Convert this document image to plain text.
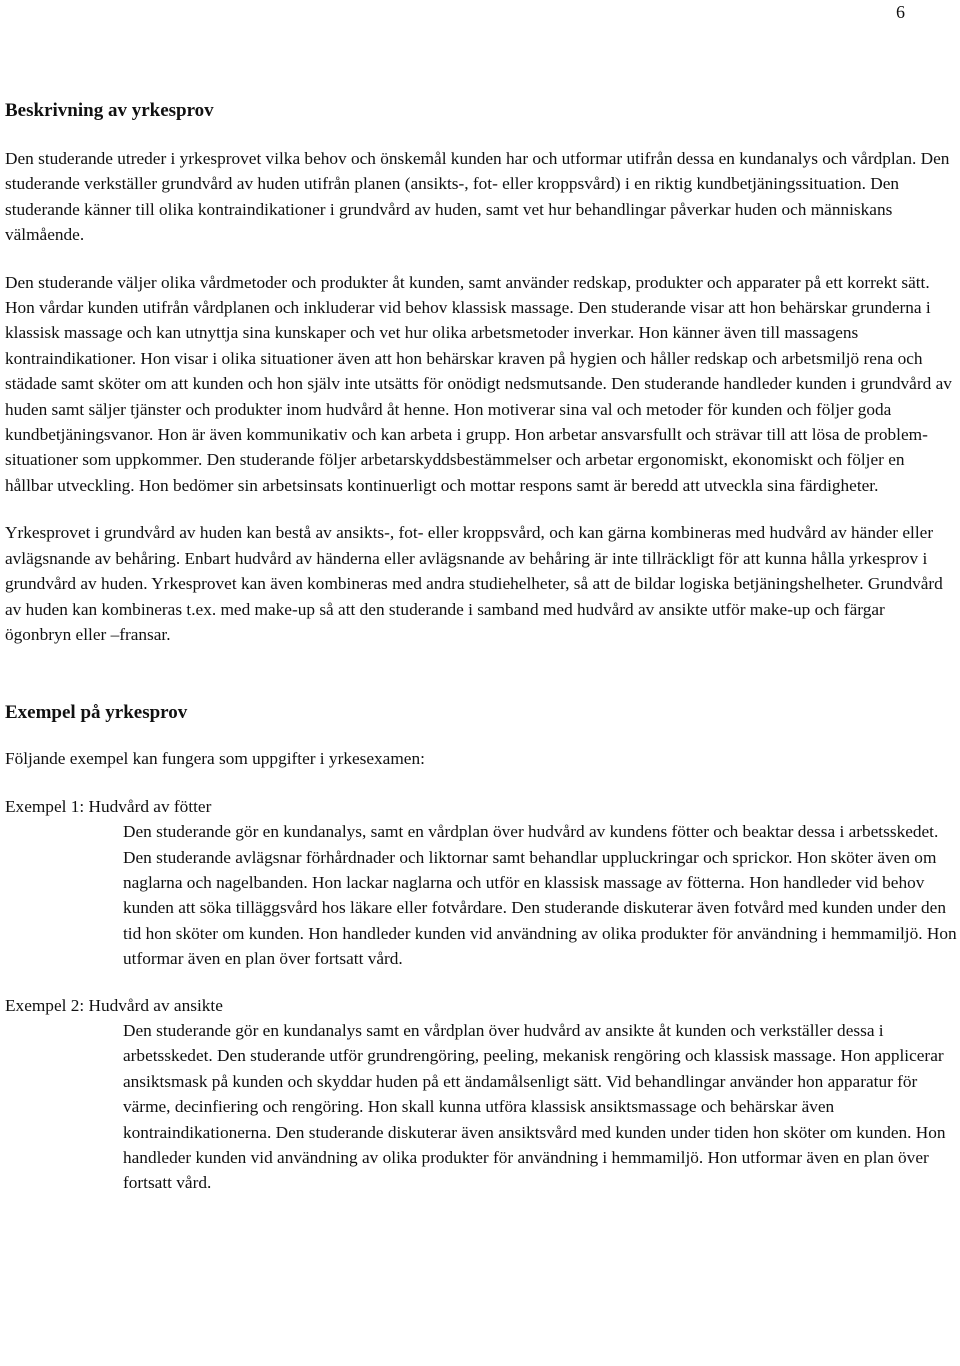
6
Beskrivning av yrkesprov

Den studerande utreder i yrkesprovet vilka behov och önskemål kunden har och utformar utifrån dessa en kundanalys och vårdplan. Den studerande verkställer grundvård av huden utifrån planen (ansikts-, fot- eller kroppsvård) i en riktig kundbetjäningssituation. Den studerande känner till olika kontraindikationer i grundvård av huden, samt vet hur behandlingar påverkar huden och människans välmående.

Den studerande väljer olika vårdmetoder och produkter åt kunden, samt använder redskap, produkter och apparater på ett korrekt sätt. Hon vårdar kunden utifrån vårdplanen och inkluderar vid behov klassisk massage. Den studerande visar att hon behärskar grunderna i klassisk massage och kan utnyttja sina kunskaper och vet hur olika arbetsmetoder inverkar. Hon känner även till massagens kontraindikationer. Hon visar i olika situationer även att hon behärskar kraven på hygien och håller redskap och arbetsmiljö rena och städade samt sköter om att kunden och hon själv inte utsätts för onödigt nedsmutsande. Den studerande handleder kunden i grundvård av huden samt säljer tjänster och produkter inom hudvård åt henne. Hon motiverar sina val och metoder för kunden och följer goda kundbetjäningsvanor. Hon är även kommunikativ och kan arbeta i grupp. Hon arbetar ansvarsfullt och strävar till att lösa de problem-situationer som uppkommer. Den studerande följer arbetarskyddsbestämmelser och arbetar ergonomiskt, ekonomiskt och följer en hållbar utveckling. Hon bedömer sin arbetsinsats kontinuerligt och mottar respons samt är beredd att utveckla sina färdigheter.

Yrkesprovet i grundvård av huden kan bestå av ansikts-, fot- eller kroppsvård, och kan gärna kombineras med hudvård av händer eller avlägsnande av behåring. Enbart hudvård av händerna eller avlägsnande av behåring är inte tillräckligt för att kunna hålla yrkesprov i grundvård av huden. Yrkesprovet kan även kombineras med andra studiehelheter, så att de bildar logiska betjäningshelheter. Grundvård av huden kan kombineras t.ex. med make-up så att den studerande i samband med hudvård av ansikte utför make-up och färgar ögonbryn eller –fransar.

Exempel på yrkesprov

Följande exempel kan fungera som uppgifter i yrkesexamen:

Exempel 1: Hudvård av fötter

Den studerande gör en kundanalys, samt en vårdplan över hudvård av kundens fötter och beaktar dessa i arbetsskedet. Den studerande avlägsnar förhårdnader och liktornar samt behandlar uppluckringar och sprickor. Hon sköter även om naglarna och nagelbanden. Hon lackar naglarna och utför en klassisk massage av fötterna. Hon handleder vid behov kunden att söka tilläggsvård hos läkare eller fotvårdare. Den studerande diskuterar även fotvård med kunden under den tid hon sköter om kunden. Hon handleder kunden vid användning av olika produkter för användning i hemmamiljö. Hon utformar även en plan över fortsatt vård.

Exempel 2: Hudvård av ansikte

Den studerande gör en kundanalys samt en vårdplan över hudvård av ansikte åt kunden och verkställer dessa i arbetsskedet. Den studerande utför grundrengöring, peeling, mekanisk rengöring och klassisk massage. Hon applicerar ansiktsmask på kunden och skyddar huden på ett ändamålsenligt sätt. Vid behandlingar använder hon apparatur för värme, decinfiering och rengöring. Hon skall kunna utföra klassisk ansiktsmassage och behärskar även kontraindikationerna. Den studerande diskuterar även ansiktsvård med kunden under tiden hon sköter om kunden. Hon handleder kunden vid användning av olika produkter för användning i hemmamiljö. Hon utformar även en plan över fortsatt vård.
